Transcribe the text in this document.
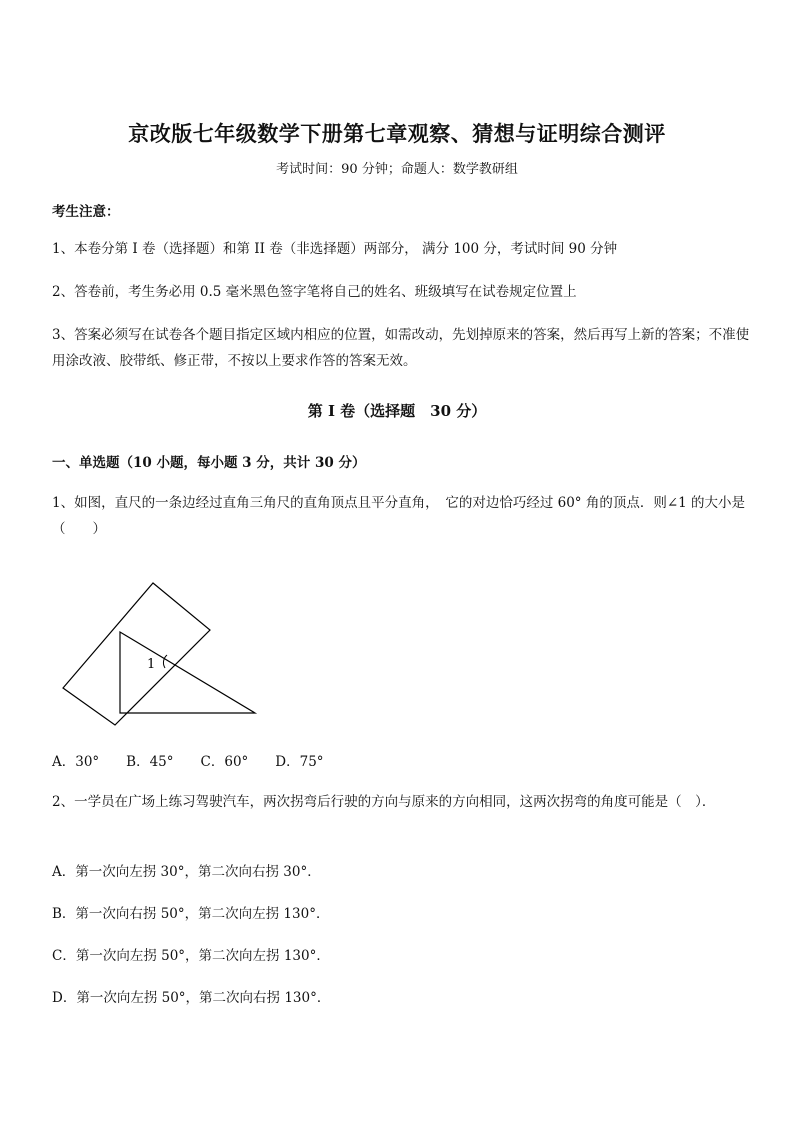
京改版七年级数学下册第七章观察、猜想与证明综合测评
考试时间：90 分钟；命题人：数学教研组
考生注意：
1、本卷分第 I 卷（选择题）和第 II 卷（非选择题）两部分， 满分 100 分，考试时间 90 分钟
2、答卷前，考生务必用 0.5 毫米黑色签字笔将自己的姓名、班级填写在试卷规定位置上
3、答案必须写在试卷各个题目指定区域内相应的位置，如需改动，先划掉原来的答案，然后再写上新的答案；不准使用涂改液、胶带纸、修正带，不按以上要求作答的答案无效。
第 I 卷（选择题　30 分）
一、单选题（10 小题，每小题 3 分，共计 30 分）
1、如图，直尺的一条边经过直角三角尺的直角顶点且平分直角，　它的对边恰巧经过 60° 角的顶点．则∠1 的大小是（　　）
1
A．30°　　B．45°　　C．60°　　D．75°
2、一学员在广场上练习驾驶汽车，两次拐弯后行驶的方向与原来的方向相同，这两次拐弯的角度可能是（　）．
A．第一次向左拐 30°，第二次向右拐 30°．
B．第一次向右拐 50°，第二次向左拐 130°．
C．第一次向左拐 50°，第二次向左拐 130°．
D．第一次向左拐 50°，第二次向右拐 130°．
